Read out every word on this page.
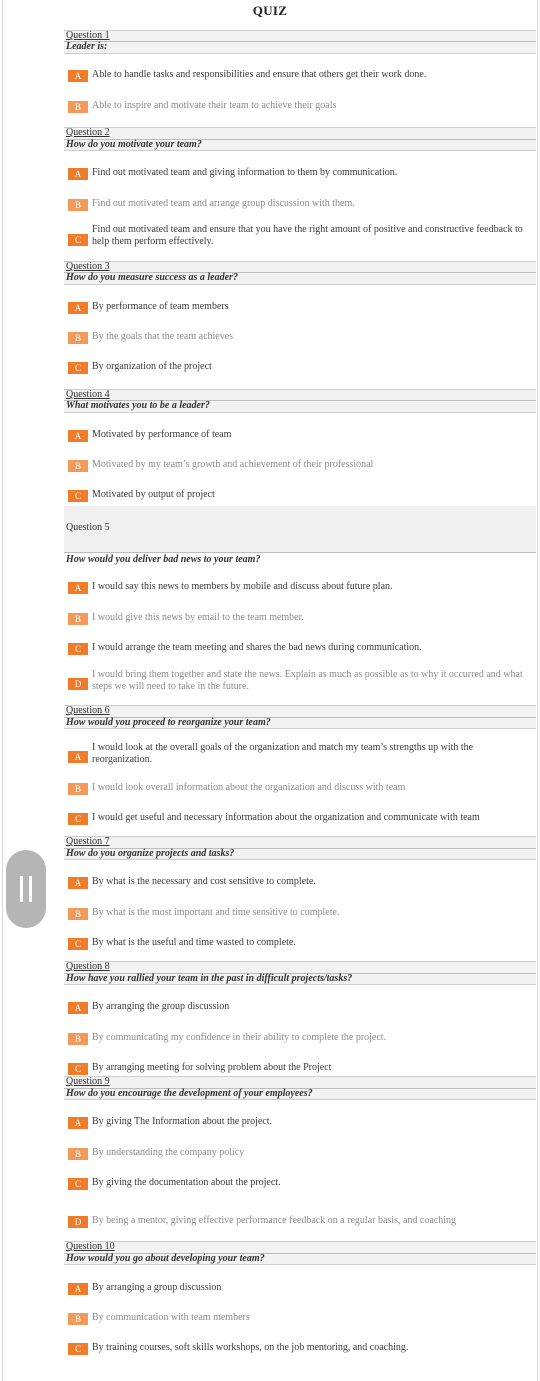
QUIZ
Question 1
Leader is:
A	Able to handle tasks and responsibilities and ensure that others get their work done.
B	Able to inspire and motivate their team to achieve their goals
Question 2
How do you motivate your team?
A	Find out motivated team and giving information to them by communication.
B	Find out motivated team and arrange group discussion with them.
C
Find out motivated team and ensure that you have the right amount of positive and constructive feedback to help them perform effectively.
Question 3
How do you measure success as a leader?
A	By performance of team members
B	By the goals that the team achieves
C	By organization of the project
Question 4
What motivates you to be a leader?
A	Motivated by performance of team
B	Motivated by my team’s growth and achievement of their professional
C	Motivated by output of project
Question 5
How would you deliver bad news to your team?
A	I would say this news to members by mobile and discuss about future plan.
B	I would give this news by email to the team member.
C	I would arrange the team meeting and shares the bad news during communication.
D
I would bring them together and state the news. Explain as much as possible as to why it occurred and what steps we will need to take in the future.
Question 6
How would you proceed to reorganize your team?
A
I would look at the overall goals of the organization and match my team’s strengths up with the reorganization.
B	I would look overall information about the organization and discuss with team
C	I would get useful and necessary information about the organization and communicate with team
Question 7
How do you organize projects and tasks?
A	By what is the necessary and cost sensitive to complete.
B	By what is the most important and time sensitive to complete.
C	By what is the useful and time wasted to complete.
Question 8
How have you rallied your team in the past in difficult projects/tasks?
A	By arranging the group discussion
B	By communicating my confidence in their ability to complete the project.
C	By arranging meeting for solving problem about the Project
Question 9
How do you encourage the development of your employees?
A	By giving The Information about the project.
B	By understanding the company policy
C	By giving the documentation about the project.
D	By being a mentor, giving effective performance feedback on a regular basis, and coaching
Question 10
How would you go about developing your team?
A	By arranging a group discussion
B	By communication with team members
C	By training courses, soft skills workshops, on the job mentoring, and coaching.
